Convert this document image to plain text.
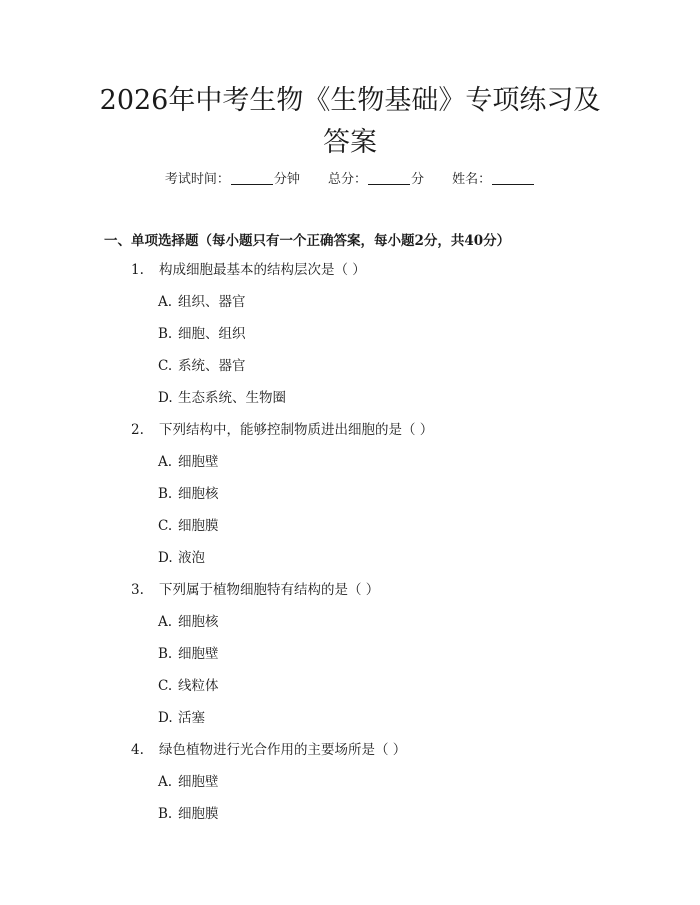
2026年中考生物《生物基础》专项练习及答案
考试时间：	分钟 总分：	分 姓名：
一、单项选择题（每小题只有一个正确答案，每小题2分，共40分）
1. 构成细胞最基本的结构层次是（ ）
A. 组织、器官
B. 细胞、组织
C. 系统、器官
D. 生态系统、生物圈
2. 下列结构中，能够控制物质进出细胞的是（ ）
A. 细胞壁
B. 细胞核
C. 细胞膜
D. 液泡
3. 下列属于植物细胞特有结构的是（ ）
A. 细胞核
B. 细胞壁
C. 线粒体
D. 活塞
4. 绿色植物进行光合作用的主要场所是（ ）
A. 细胞壁
B. 细胞膜
